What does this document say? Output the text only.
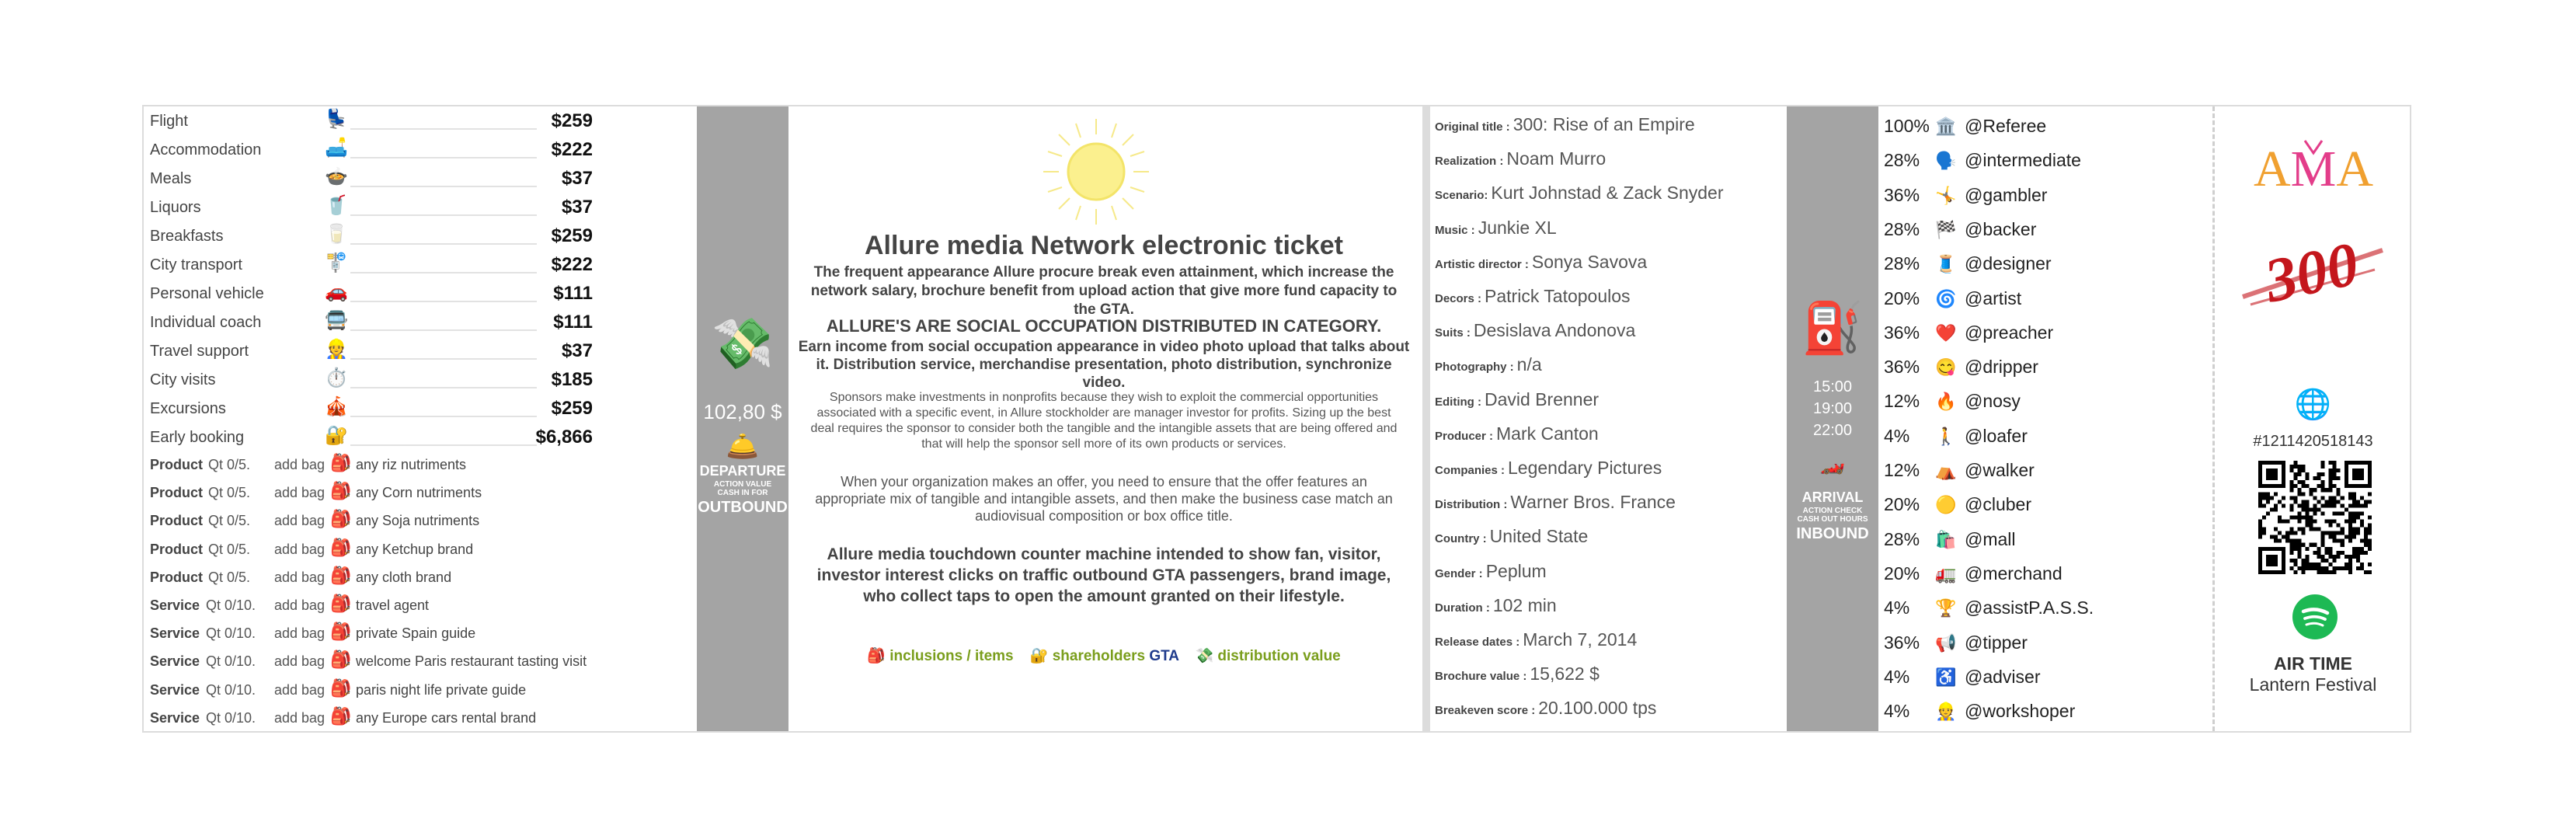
Flight	💺	$259
Accommodation	🛋️	$222
Meals	🍲	$37
Liquors	🥤	$37
Breakfasts	🥛	$259
City transport	🚏	$222
Personal vehicle	🚗	$111
Individual coach	🚍	$111
Travel support	👷	$37
City visits	⏱️	$185
Excursions	🎪	$259
Early booking	🔐	$6,866
Product Qt 0/5. add bag 🎒 any riz nutriments
Product Qt 0/5. add bag 🎒 any Corn nutriments
Product Qt 0/5. add bag 🎒 any Soja nutriments
Product Qt 0/5. add bag 🎒 any Ketchup brand
Product Qt 0/5. add bag 🎒 any cloth brand
Service Qt 0/10. add bag 🎒 travel agent
Service Qt 0/10. add bag 🎒 private Spain guide
Service Qt 0/10. add bag 🎒 welcome Paris restaurant tasting visit
Service Qt 0/10. add bag 🎒 paris night life private guide
Service Qt 0/10. add bag 🎒 any Europe cars rental brand
💸
102,80 $
🛎️
DEPARTURE
ACTION VALUE
CASH IN FOR
OUTBOUND
Allure media Network electronic ticket
The frequent appearance Allure procure break even attainment, which increase the network salary, brochure benefit from upload action that give more fund capacity to the GTA.
ALLURE'S ARE SOCIAL OCCUPATION DISTRIBUTED IN CATEGORY.
Earn income from social occupation appearance in video photo upload that talks about it. Distribution service, merchandise presentation, photo distribution, synchronize video.
Sponsors make investments in nonprofits because they wish to exploit the commercial opportunities associated with a specific event, in Allure stockholder are manager investor for profits. Sizing up the best deal requires the sponsor to consider both the tangible and the intangible assets that are being offered and that will help the sponsor sell more of its own products or services.
When your organization makes an offer, you need to ensure that the offer features an appropriate mix of tangible and intangible assets, and then make the business case match an audiovisual composition or box office title.
Allure media touchdown counter machine intended to show fan, visitor, investor interest clicks on traffic outbound GTA passengers, brand image, who collect taps to open the amount granted on their lifestyle.
🎒 inclusions / items 🔐 shareholders GTA 💸 distribution value
Original title : 300: Rise of an Empire
Realization : Noam Murro
Scenario: Kurt Johnstad & Zack Snyder
Music : Junkie XL
Artistic director : Sonya Savova
Decors : Patrick Tatopoulos
Suits : Desislava Andonova
Photography : n/a
Editing : David Brenner
Producer : Mark Canton
Companies : Legendary Pictures
Distribution : Warner Bros. France
Country : United State
Gender : Peplum
Duration : 102 min
Release dates : March 7, 2014
Brochure value : 15,622 $
Breakeven score : 20.100.000 tps
⛽
15:00
19:00
22:00
🏎️
ARRIVAL
ACTION CHECK
CASH OUT HOURS
INBOUND
100% 🏛️ @Referee
28% 🗣️ @intermediate
36% 🤸 @gambler
28% 🏁 @backer
28% 🧵 @designer
20% 🌀 @artist
36% ❤️ @preacher
36% 😋 @dripper
12% 🔥 @nosy
4% 🚶 @loafer
12% ⛺ @walker
20% 🟡 @cluber
28% 🛍️ @mall
20% 🚛 @merchand
4% 🏆 @assistP.A.S.S.
36% 📢 @tipper
4% ♿ @adviser
4% 👷 @workshoper
AMA
300
🌐
#1211420518143
AIR TIME
Lantern Festival
